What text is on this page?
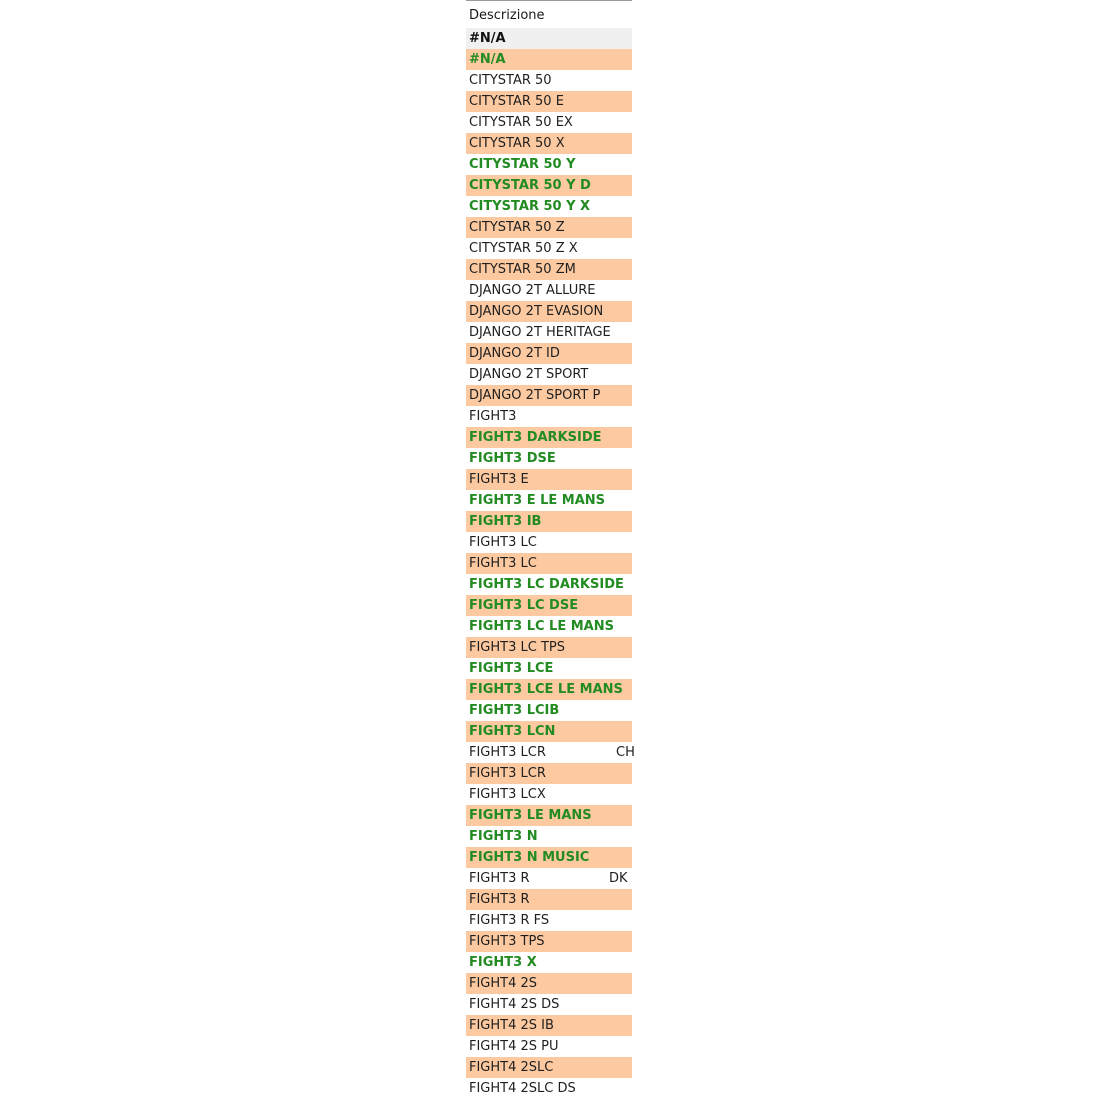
Descrizione
#N/A
#N/A
CITYSTAR 50
CITYSTAR 50 E
CITYSTAR 50 EX
CITYSTAR 50 X
CITYSTAR 50 Y
CITYSTAR 50 Y D
CITYSTAR 50 Y X
CITYSTAR 50 Z
CITYSTAR 50 Z X
CITYSTAR 50 ZM
DJANGO 2T ALLURE
DJANGO 2T EVASION
DJANGO 2T HERITAGE
DJANGO 2T ID
DJANGO 2T SPORT
DJANGO 2T SPORT P
FIGHT3
FIGHT3 DARKSIDE
FIGHT3 DSE
FIGHT3 E
FIGHT3 E LE MANS
FIGHT3 IB
FIGHT3 LC
FIGHT3 LC
FIGHT3 LC DARKSIDE
FIGHT3 LC DSE
FIGHT3 LC LE MANS
FIGHT3 LC TPS
FIGHT3 LCE
FIGHT3 LCE LE MANS
FIGHT3 LCIB
FIGHT3 LCN
FIGHT3 LCR	CH
FIGHT3 LCR
FIGHT3 LCX
FIGHT3 LE MANS
FIGHT3 N
FIGHT3 N MUSIC
FIGHT3 R	DK
FIGHT3 R
FIGHT3 R FS
FIGHT3 TPS
FIGHT3 X
FIGHT4 2S
FIGHT4 2S DS
FIGHT4 2S IB
FIGHT4 2S PU
FIGHT4 2SLC
FIGHT4 2SLC DS
